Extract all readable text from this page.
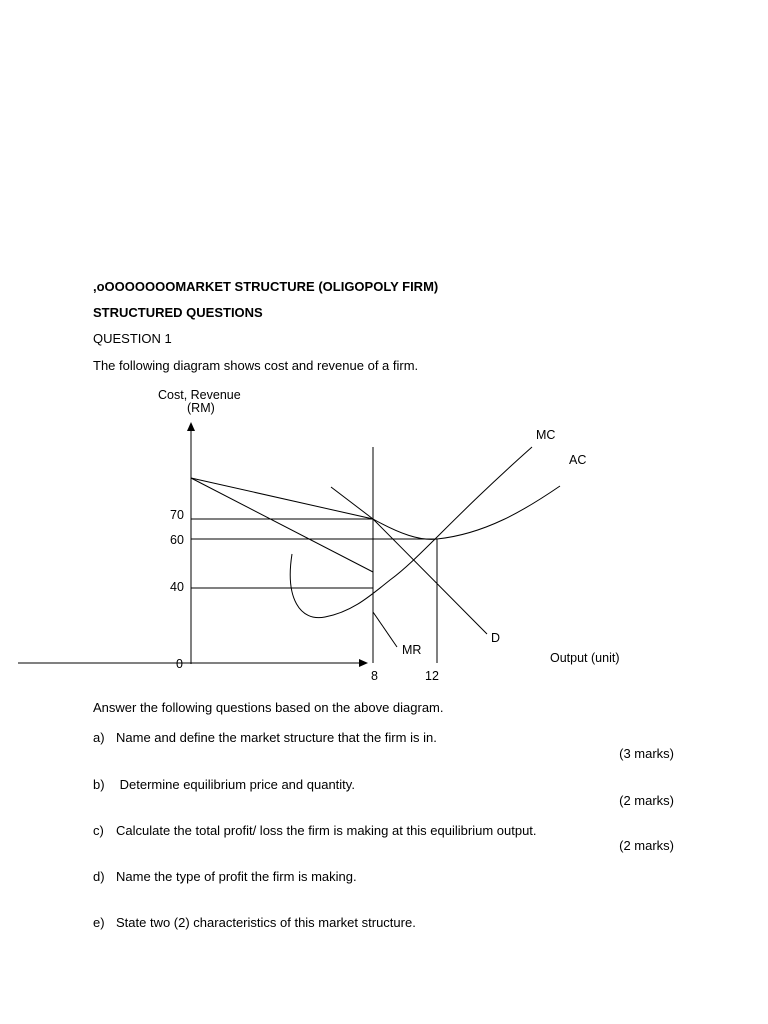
,oOOOOOOOMARKET STRUCTURE (OLIGOPOLY FIRM)
STRUCTURED QUESTIONS
QUESTION 1
The following diagram shows cost and revenue of a firm.
Cost, Revenue
(RM)
70
60
40
0
8	12
Output (unit)
MC
AC
D
MR
Answer the following questions based on the above diagram.
a) Name and define the market structure that the firm is in.
(3 marks)
b) Determine equilibrium price and quantity.
(2 marks)
c) Calculate the total profit/ loss the firm is making at this equilibrium output.
(2 marks)
d) Name the type of profit the firm is making.
e) State two (2) characteristics of this market structure.
